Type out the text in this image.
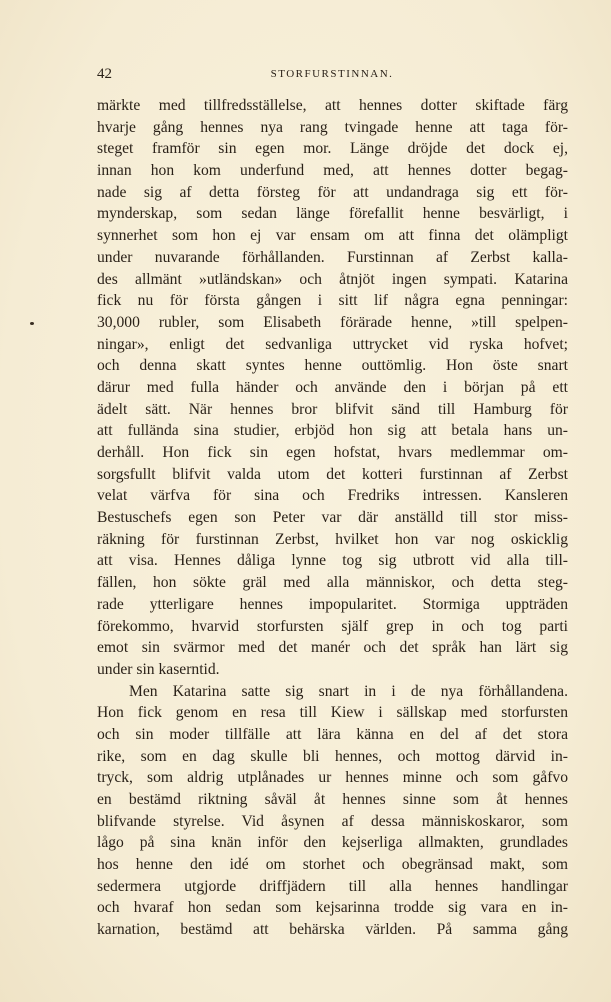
42	STORFURSTINNAN.
märkte med tillfredsställelse, att hennes dotter skiftade färg
hvarje gång hennes nya rang tvingade henne att taga för-
steget framför sin egen mor. Länge dröjde det dock ej,
innan hon kom underfund med, att hennes dotter begag-
nade sig af detta försteg för att undandraga sig ett för-
mynderskap, som sedan länge förefallit henne besvärligt, i
synnerhet som hon ej var ensam om att finna det olämpligt
under nuvarande förhållanden. Furstinnan af Zerbst kalla-
des allmänt »utländskan» och åtnjöt ingen sympati. Katarina
fick nu för första gången i sitt lif några egna penningar:
30,000 rubler, som Elisabeth förärade henne, »till spelpen-
ningar», enligt det sedvanliga uttrycket vid ryska hofvet;
och denna skatt syntes henne outtömlig. Hon öste snart
därur med fulla händer och använde den i början på ett
ädelt sätt. När hennes bror blifvit sänd till Hamburg för
att fullända sina studier, erbjöd hon sig att betala hans un-
derhåll. Hon fick sin egen hofstat, hvars medlemmar om-
sorgsfullt blifvit valda utom det kotteri furstinnan af Zerbst
velat värfva för sina och Fredriks intressen. Kansleren
Bestuschefs egen son Peter var där anställd till stor miss-
räkning för furstinnan Zerbst, hvilket hon var nog oskicklig
att visa. Hennes dåliga lynne tog sig utbrott vid alla till-
fällen, hon sökte gräl med alla människor, och detta steg-
rade ytterligare hennes impopularitet. Stormiga uppträden
förekommo, hvarvid storfursten själf grep in och tog parti
emot sin svärmor med det manér och det språk han lärt sig
under sin kaserntid.
Men Katarina satte sig snart in i de nya förhållandena.
Hon fick genom en resa till Kiew i sällskap med storfursten
och sin moder tillfälle att lära känna en del af det stora
rike, som en dag skulle bli hennes, och mottog därvid in-
tryck, som aldrig utplånades ur hennes minne och som gåfvo
en bestämd riktning såväl åt hennes sinne som åt hennes
blifvande styrelse. Vid åsynen af dessa människoskaror, som
lågo på sina knän inför den kejserliga allmakten, grundlades
hos henne den idé om storhet och obegränsad makt, som
sedermera utgjorde driffjädern till alla hennes handlingar
och hvaraf hon sedan som kejsarinna trodde sig vara en in-
karnation, bestämd att behärska världen. På samma gång
